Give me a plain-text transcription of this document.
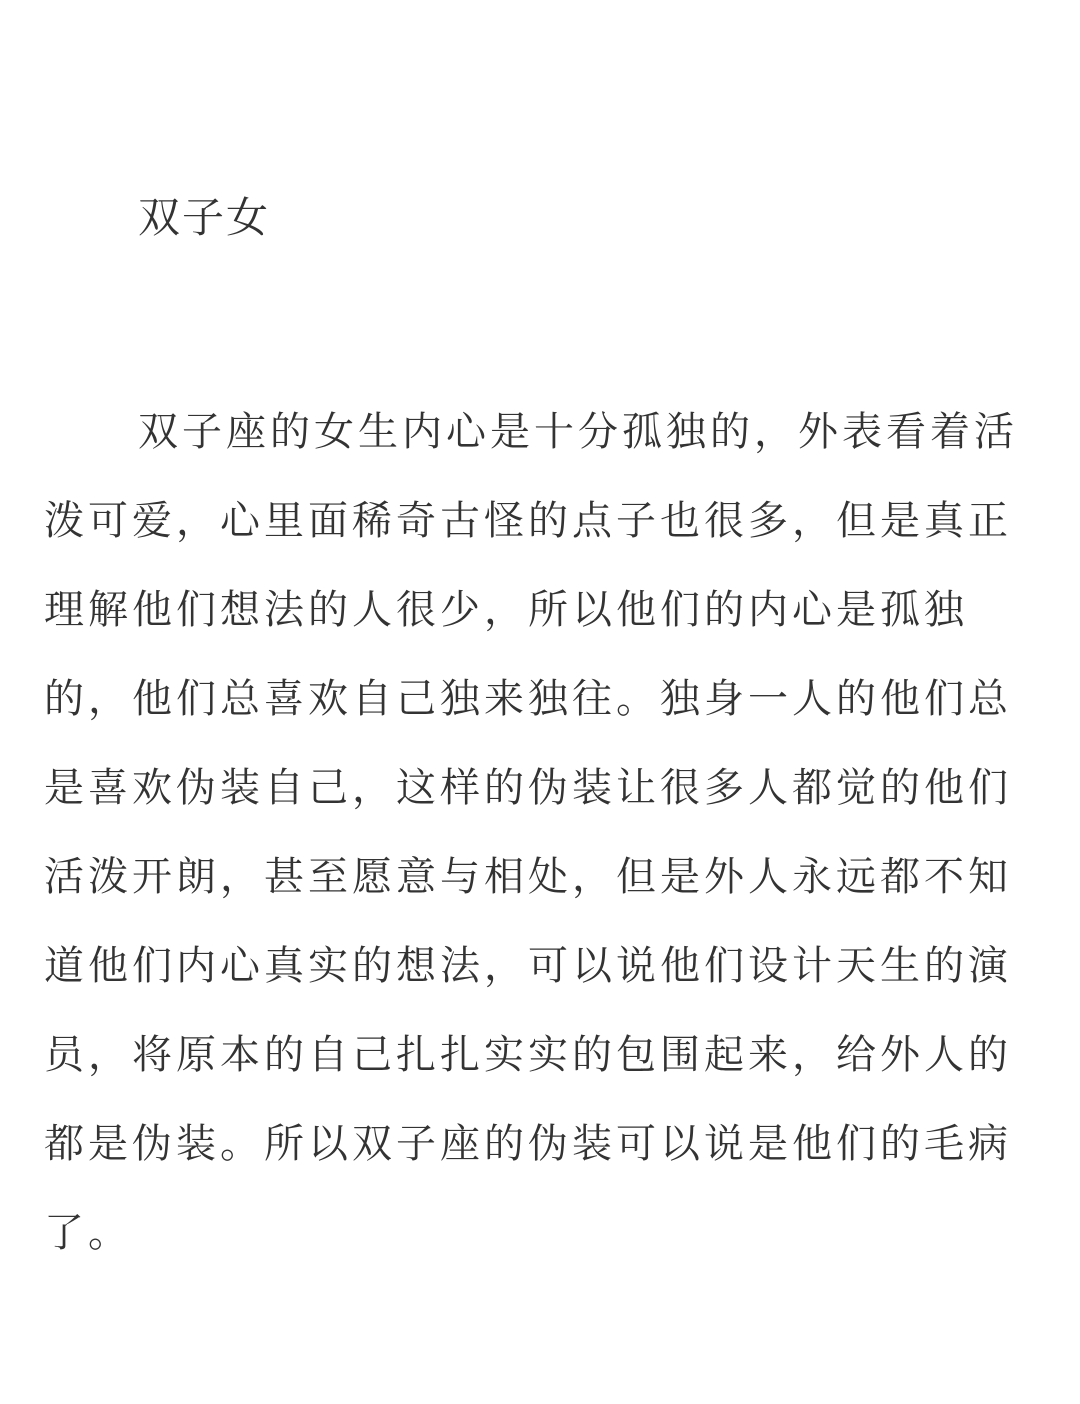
双子女
双子座的女生内心是十分孤独的，外表看着活
泼可爱，心里面稀奇古怪的点子也很多，但是真正
理解他们想法的人很少，所以他们的内心是孤独
的，他们总喜欢自己独来独往。独身一人的他们总
是喜欢伪装自己，这样的伪装让很多人都觉的他们
活泼开朗，甚至愿意与相处，但是外人永远都不知
道他们内心真实的想法，可以说他们设计天生的演
员，将原本的自己扎扎实实的包围起来，给外人的
都是伪装。所以双子座的伪装可以说是他们的毛病
了。
